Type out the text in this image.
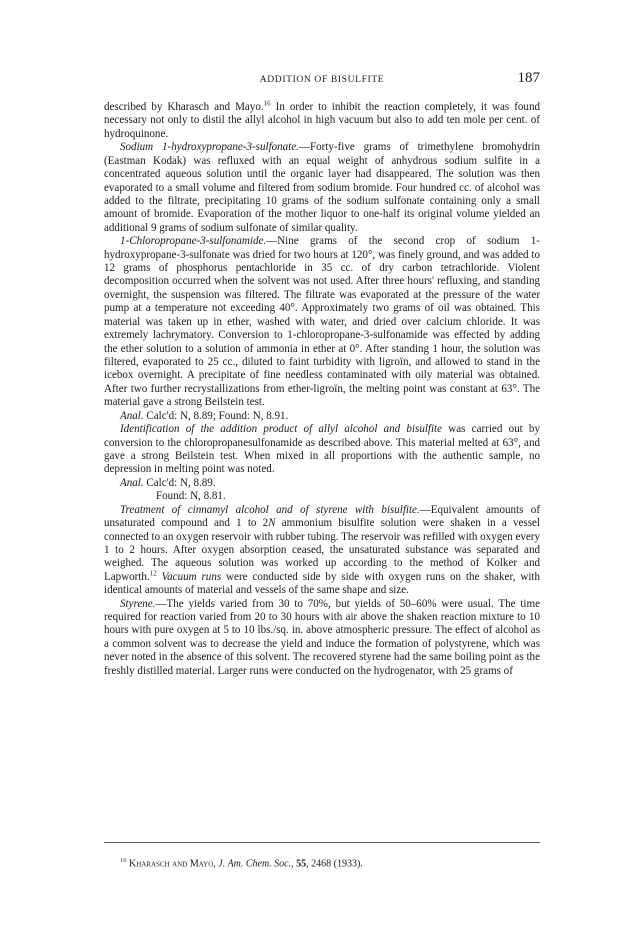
ADDITION OF BISULFITE	187

described by Kharasch and Mayo.$^{16}$ In order to inhibit the reaction completely, it was found necessary not only to distil the allyl alcohol in high vacuum but also to add ten mole per cent. of hydroquinone.

Sodium 1-hydroxypropane-3-sulfonate.—Forty-five grams of trimethylene bromohydrin (Eastman Kodak) was refluxed with an equal weight of anhydrous sodium sulfite in a concentrated aqueous solution until the organic layer had disappeared. The solution was then evaporated to a small volume and filtered from sodium bromide. Four hundred cc. of alcohol was added to the filtrate, precipitating 10 grams of the sodium sulfonate containing only a small amount of bromide. Evaporation of the mother liquor to one-half its original volume yielded an additional 9 grams of sodium sulfonate of similar quality.

1-Chloropropane-3-sulfonamide.—Nine grams of the second crop of sodium 1-hydroxypropane-3-sulfonate was dried for two hours at 120°, was finely ground, and was added to 12 grams of phosphorus pentachloride in 35 cc. of dry carbon tetrachloride. Violent decomposition occurred when the solvent was not used. After three hours' refluxing, and standing overnight, the suspension was filtered. The filtrate was evaporated at the pressure of the water pump at a temperature not exceeding 40°. Approximately two grams of oil was obtained. This material was taken up in ether, washed with water, and dried over calcium chloride. It was extremely lachrymatory. Conversion to 1-chloropropane-3-sulfonamide was effected by adding the ether solution to a solution of ammonia in ether at 0°. After standing 1 hour, the solution was filtered, evaporated to 25 cc., diluted to faint turbidity with ligroïn, and allowed to stand in the icebox overnight. A precipitate of fine needless contaminated with oily material was obtained. After two further recrystallizations from ether-ligroïn, the melting point was constant at 63°. The material gave a strong Beilstein test.

Anal. Calc'd: N, 8.89; Found: N, 8.91.

Identification of the addition product of allyl alcohol and bisulfite was carried out by conversion to the chloropropanesulfonamide as described above. This material melted at 63°, and gave a strong Beilstein test. When mixed in all proportions with the authentic sample, no depression in melting point was noted.

Anal. Calc'd: N, 8.89.

Found: N, 8.81.

Treatment of cinnamyl alcohol and of styrene with bisulfite.—Equivalent amounts of unsaturated compound and 1 to 2N ammonium bisulfite solution were shaken in a vessel connected to an oxygen reservoir with rubber tubing. The reservoir was refilled with oxygen every 1 to 2 hours. After oxygen absorption ceased, the unsaturated substance was separated and weighed. The aqueous solution was worked up according to the method of Kolker and Lapworth.$^{12}$ Vacuum runs were conducted side by side with oxygen runs on the shaker, with identical amounts of material and vessels of the same shape and size.

Styrene.—The yields varied from 30 to 70%, but yields of 50–60% were usual. The time required for reaction varied from 20 to 30 hours with air above the shaken reaction mixture to 10 hours with pure oxygen at 5 to 10 lbs./sq. in. above atmospheric pressure. The effect of alcohol as a common solvent was to decrease the yield and induce the formation of polystyrene, which was never noted in the absence of this solvent. The recovered styrene had the same boiling point as the freshly distilled material. Larger runs were conducted on the hydrogenator, with 25 grams of

$^{16}$ Kharasch and Mayo, J. Am. Chem. Soc., 55, 2468 (1933).
